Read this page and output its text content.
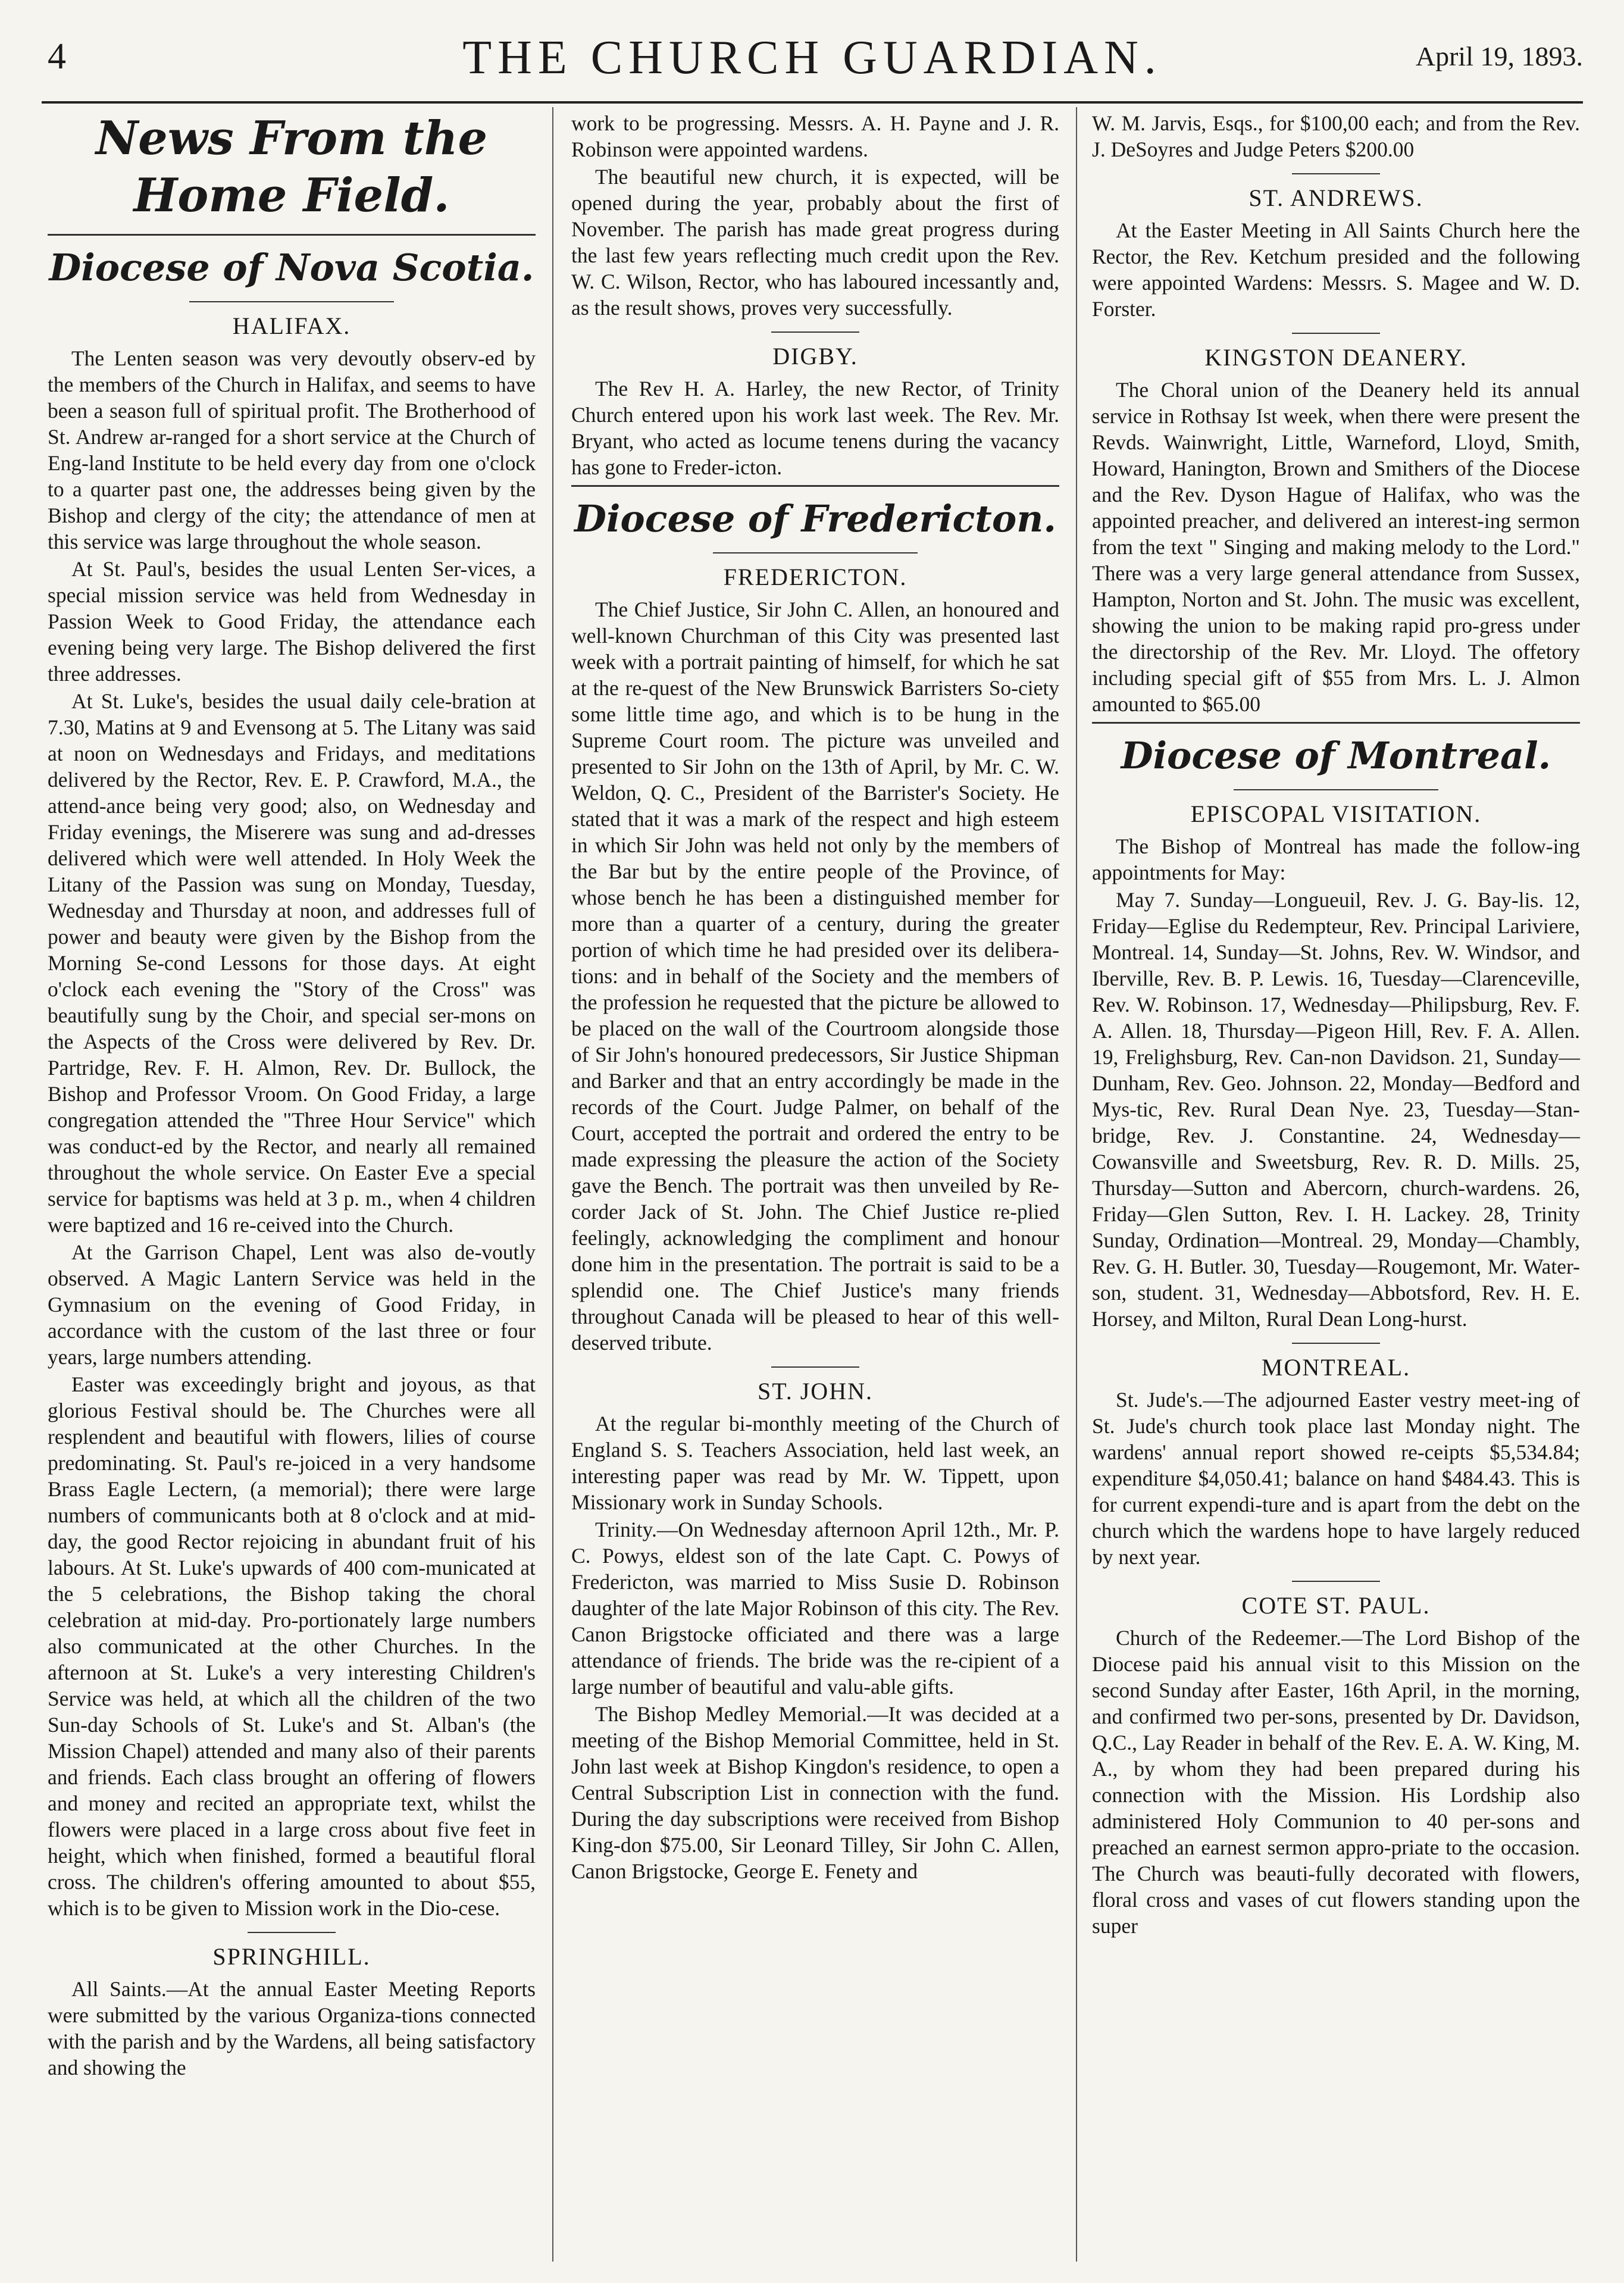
4	THE CHURCH GUARDIAN.	April 19, 1893.
News From the Home Field.
Diocese of Nova Scotia.
HALIFAX.

The Lenten season was very devoutly observ-ed by the members of the Church in Halifax, and seems to have been a season full of spiritual profit. The Brotherhood of St. Andrew ar-ranged for a short service at the Church of Eng-land Institute to be held every day from one o'clock to a quarter past one, the addresses being given by the Bishop and clergy of the city; the attendance of men at this service was large throughout the whole season.

At St. Paul's, besides the usual Lenten Ser-vices, a special mission service was held from Wednesday in Passion Week to Good Friday, the attendance each evening being very large. The Bishop delivered the first three addresses.

At St. Luke's, besides the usual daily cele-bration at 7.30, Matins at 9 and Evensong at 5. The Litany was said at noon on Wednesdays and Fridays, and meditations delivered by the Rector, Rev. E. P. Crawford, M.A., the attend-ance being very good; also, on Wednesday and Friday evenings, the Miserere was sung and ad-dresses delivered which were well attended. In Holy Week the Litany of the Passion was sung on Monday, Tuesday, Wednesday and Thursday at noon, and addresses full of power and beauty were given by the Bishop from the Morning Se-cond Lessons for those days. At eight o'clock each evening the "Story of the Cross" was beautifully sung by the Choir, and special ser-mons on the Aspects of the Cross were delivered by Rev. Dr. Partridge, Rev. F. H. Almon, Rev. Dr. Bullock, the Bishop and Professor Vroom. On Good Friday, a large congregation attended the "Three Hour Service" which was conduct-ed by the Rector, and nearly all remained throughout the whole service. On Easter Eve a special service for baptisms was held at 3 p. m., when 4 children were baptized and 16 re-ceived into the Church.

At the Garrison Chapel, Lent was also de-voutly observed. A Magic Lantern Service was held in the Gymnasium on the evening of Good Friday, in accordance with the custom of the last three or four years, large numbers attending.

Easter was exceedingly bright and joyous, as that glorious Festival should be. The Churches were all resplendent and beautiful with flowers, lilies of course predominating. St. Paul's re-joiced in a very handsome Brass Eagle Lectern, (a memorial); there were large numbers of communicants both at 8 o'clock and at mid-day, the good Rector rejoicing in abundant fruit of his labours. At St. Luke's upwards of 400 com-municated at the 5 celebrations, the Bishop taking the choral celebration at mid-day. Pro-portionately large numbers also communicated at the other Churches. In the afternoon at St. Luke's a very interesting Children's Service was held, at which all the children of the two Sun-day Schools of St. Luke's and St. Alban's (the Mission Chapel) attended and many also of their parents and friends. Each class brought an offering of flowers and money and recited an appropriate text, whilst the flowers were placed in a large cross about five feet in height, which when finished, formed a beautiful floral cross. The children's offering amounted to about $55, which is to be given to Mission work in the Dio-cese.

SPRINGHILL.

All Saints.—At the annual Easter Meeting Reports were submitted by the various Organiza-tions connected with the parish and by the Wardens, all being satisfactory and showing the

work to be progressing. Messrs. A. H. Payne and J. R. Robinson were appointed wardens.

The beautiful new church, it is expected, will be opened during the year, probably about the first of November. The parish has made great progress during the last few years reflecting much credit upon the Rev. W. C. Wilson, Rector, who has laboured incessantly and, as the result shows, proves very successfully.

DIGBY.

The Rev H. A. Harley, the new Rector, of Trinity Church entered upon his work last week. The Rev. Mr. Bryant, who acted as locume tenens during the vacancy has gone to Freder-icton.

Diocese of Fredericton.
FREDERICTON.

The Chief Justice, Sir John C. Allen, an honoured and well-known Churchman of this City was presented last week with a portrait painting of himself, for which he sat at the re-quest of the New Brunswick Barristers So-ciety some little time ago, and which is to be hung in the Supreme Court room. The picture was unveiled and presented to Sir John on the 13th of April, by Mr. C. W. Weldon, Q. C., President of the Barrister's Society. He stated that it was a mark of the respect and high esteem in which Sir John was held not only by the members of the Bar but by the entire people of the Province, of whose bench he has been a distinguished member for more than a quarter of a century, during the greater portion of which time he had presided over its delibera-tions: and in behalf of the Society and the members of the profession he requested that the picture be allowed to be placed on the wall of the Courtroom alongside those of Sir John's honoured predecessors, Sir Justice Shipman and Barker and that an entry accordingly be made in the records of the Court. Judge Palmer, on behalf of the Court, accepted the portrait and ordered the entry to be made expressing the pleasure the action of the Society gave the Bench. The portrait was then unveiled by Re-corder Jack of St. John. The Chief Justice re-plied feelingly, acknowledging the compliment and honour done him in the presentation. The portrait is said to be a splendid one. The Chief Justice's many friends throughout Canada will be pleased to hear of this well-deserved tribute.

ST. JOHN.

At the regular bi-monthly meeting of the Church of England S. S. Teachers Association, held last week, an interesting paper was read by Mr. W. Tippett, upon Missionary work in Sunday Schools.

Trinity.—On Wednesday afternoon April 12th., Mr. P. C. Powys, eldest son of the late Capt. C. Powys of Fredericton, was married to Miss Susie D. Robinson daughter of the late Major Robinson of this city. The Rev. Canon Brigstocke officiated and there was a large attendance of friends. The bride was the re-cipient of a large number of beautiful and valu-able gifts.

The Bishop Medley Memorial.—It was decided at a meeting of the Bishop Memorial Committee, held in St. John last week at Bishop Kingdon's residence, to open a Central Subscription List in connection with the fund. During the day subscriptions were received from Bishop King-don $75.00, Sir Leonard Tilley, Sir John C. Allen, Canon Brigstocke, George E. Fenety and

W. M. Jarvis, Esqs., for $100,00 each; and from the Rev. J. DeSoyres and Judge Peters $200.00

ST. ANDREWS.

At the Easter Meeting in All Saints Church here the Rector, the Rev. Ketchum presided and the following were appointed Wardens: Messrs. S. Magee and W. D. Forster.

KINGSTON DEANERY.

The Choral union of the Deanery held its annual service in Rothsay Ist week, when there were present the Revds. Wainwright, Little, Warneford, Lloyd, Smith, Howard, Hanington, Brown and Smithers of the Diocese and the Rev. Dyson Hague of Halifax, who was the appointed preacher, and delivered an interest-ing sermon from the text " Singing and making melody to the Lord." There was a very large general attendance from Sussex, Hampton, Norton and St. John. The music was excellent, showing the union to be making rapid pro-gress under the directorship of the Rev. Mr. Lloyd. The offetory including special gift of $55 from Mrs. L. J. Almon amounted to $65.00

Diocese of Montreal.
EPISCOPAL VISITATION.

The Bishop of Montreal has made the follow-ing appointments for May:

May 7. Sunday—Longueuil, Rev. J. G. Bay-lis. 12, Friday—Eglise du Redempteur, Rev. Principal Lariviere, Montreal. 14, Sunday—St. Johns, Rev. W. Windsor, and Iberville, Rev. B. P. Lewis. 16, Tuesday—Clarenceville, Rev. W. Robinson. 17, Wednesday—Philipsburg, Rev. F. A. Allen. 18, Thursday—Pigeon Hill, Rev. F. A. Allen. 19, Frelighsburg, Rev. Can-non Davidson. 21, Sunday—Dunham, Rev. Geo. Johnson. 22, Monday—Bedford and Mys-tic, Rev. Rural Dean Nye. 23, Tuesday—Stan-bridge, Rev. J. Constantine. 24, Wednesday—Cowansville and Sweetsburg, Rev. R. D. Mills. 25, Thursday—Sutton and Abercorn, church-wardens. 26, Friday—Glen Sutton, Rev. I. H. Lackey. 28, Trinity Sunday, Ordination—Montreal. 29, Monday—Chambly, Rev. G. H. Butler. 30, Tuesday—Rougemont, Mr. Water-son, student. 31, Wednesday—Abbotsford, Rev. H. E. Horsey, and Milton, Rural Dean Long-hurst.

MONTREAL.

St. Jude's.—The adjourned Easter vestry meet-ing of St. Jude's church took place last Monday night. The wardens' annual report showed re-ceipts $5,534.84; expenditure $4,050.41; balance on hand $484.43. This is for current expendi-ture and is apart from the debt on the church which the wardens hope to have largely reduced by next year.

COTE ST. PAUL.

Church of the Redeemer.—The Lord Bishop of the Diocese paid his annual visit to this Mission on the second Sunday after Easter, 16th April, in the morning, and confirmed two per-sons, presented by Dr. Davidson, Q.C., Lay Reader in behalf of the Rev. E. A. W. King, M. A., by whom they had been prepared during his connection with the Mission. His Lordship also administered Holy Communion to 40 per-sons and preached an earnest sermon appro-priate to the occasion. The Church was beauti-fully decorated with flowers, floral cross and vases of cut flowers standing upon the super
